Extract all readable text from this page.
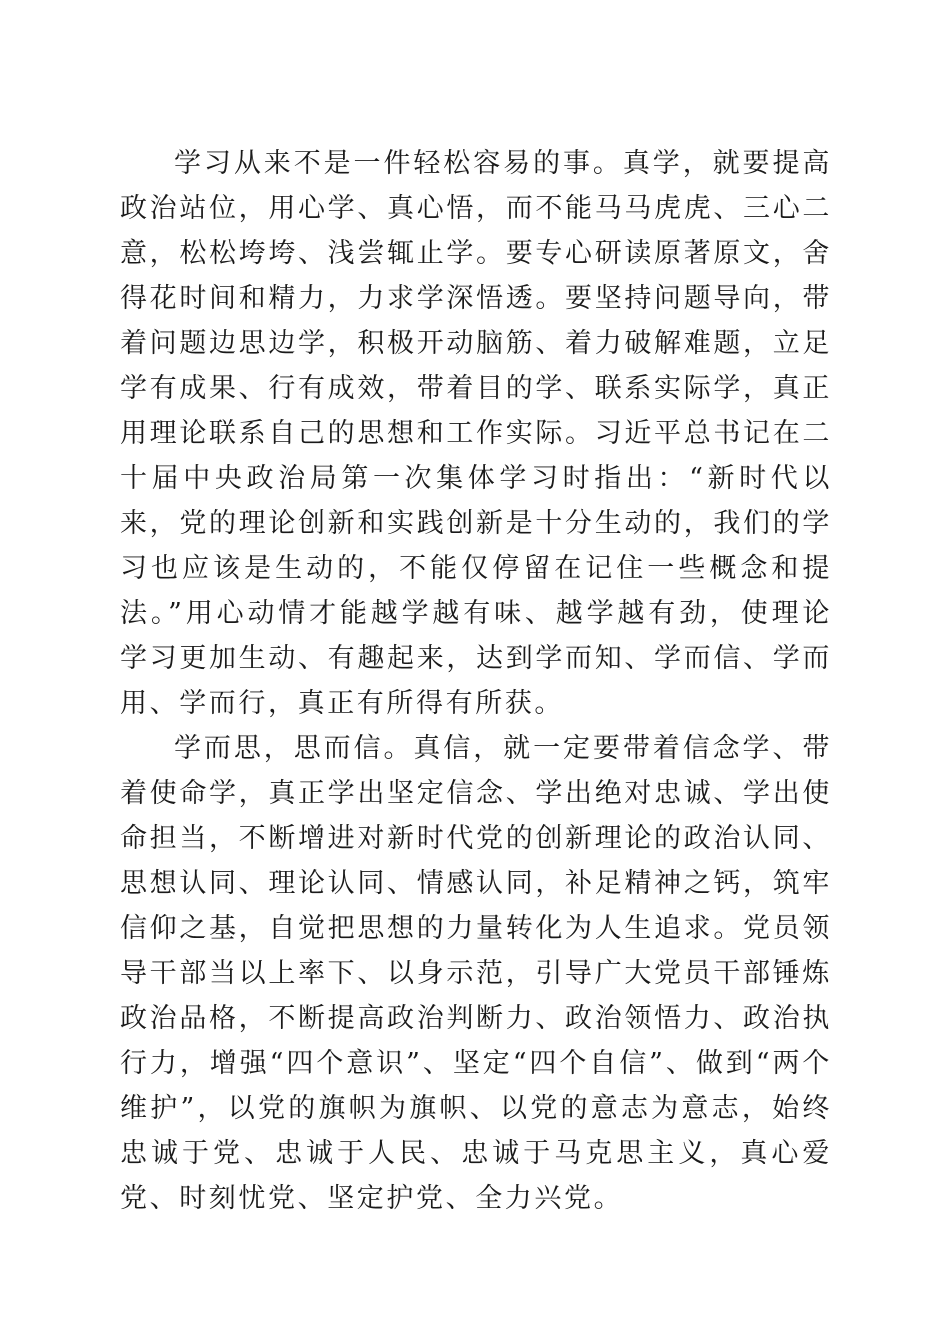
学习从来不是一件轻松容易的事。真学，就要提高政治站位，用心学、真心悟，而不能马马虎虎、三心二意，松松垮垮、浅尝辄止学。要专心研读原著原文，舍得花时间和精力，力求学深悟透。要坚持问题导向，带着问题边思边学，积极开动脑筋、着力破解难题，立足学有成果、行有成效，带着目的学、联系实际学，真正用理论联系自己的思想和工作实际。习近平总书记在二十届中央政治局第一次集体学习时指出：“新时代以来，党的理论创新和实践创新是十分生动的，我们的学习也应该是生动的，不能仅停留在记住一些概念和提法。”用心动情才能越学越有味、越学越有劲，使理论学习更加生动、有趣起来，达到学而知、学而信、学而用、学而行，真正有所得有所获。

学而思，思而信。真信，就一定要带着信念学、带着使命学，真正学出坚定信念、学出绝对忠诚、学出使命担当，不断增进对新时代党的创新理论的政治认同、思想认同、理论认同、情感认同，补足精神之钙，筑牢信仰之基，自觉把思想的力量转化为人生追求。党员领导干部当以上率下、以身示范，引导广大党员干部锤炼政治品格，不断提高政治判断力、政治领悟力、政治执行力，增强“四个意识”、坚定“四个自信”、做到“两个维护”，以党的旗帜为旗帜、以党的意志为意志，始终忠诚于党、忠诚于人民、忠诚于马克思主义，真心爱党、时刻忧党、坚定护党、全力兴党。
